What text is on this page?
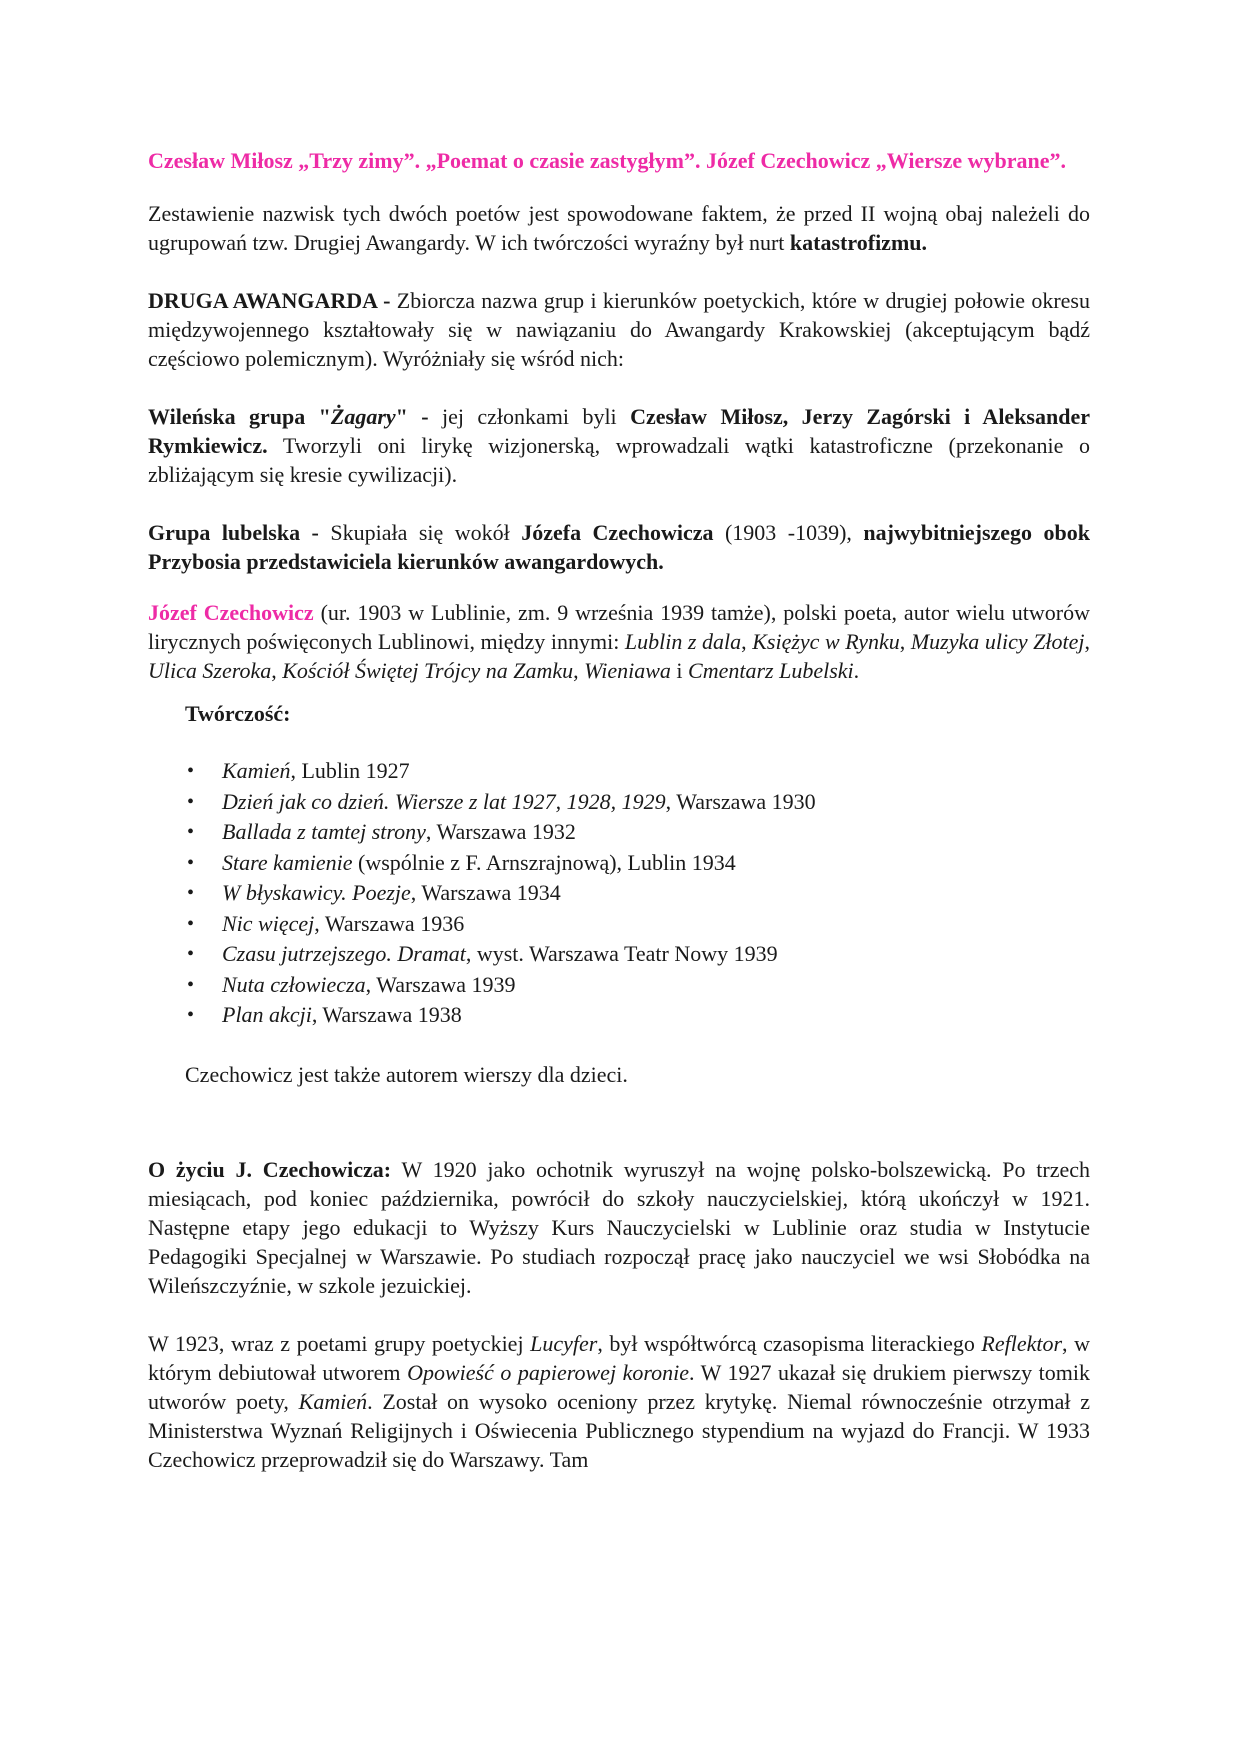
Czesław Miłosz „Trzy zimy”. „Poemat o czasie zastygłym”. Józef Czechowicz „Wiersze wybrane”.

Zestawienie nazwisk tych dwóch poetów jest spowodowane faktem, że przed II wojną obaj należeli do ugrupowań tzw. Drugiej Awangardy. W ich twórczości wyraźny był nurt katastrofizmu.

DRUGA AWANGARDA - Zbiorcza nazwa grup i kierunków poetyckich, które w drugiej połowie okresu międzywojennego kształtowały się w nawiązaniu do Awangardy Krakowskiej (akceptującym bądź częściowo polemicznym). Wyróżniały się wśród nich:

Wileńska grupa "Żagary" - jej członkami byli Czesław Miłosz, Jerzy Zagórski i Aleksander Rymkiewicz. Tworzyli oni lirykę wizjonerską, wprowadzali wątki katastroficzne (przekonanie o zbliżającym się kresie cywilizacji).

Grupa lubelska - Skupiała się wokół Józefa Czechowicza (1903 -1039), najwybitniejszego obok Przybosia przedstawiciela kierunków awangardowych.

Józef Czechowicz (ur. 1903 w Lublinie, zm. 9 września 1939 tamże), polski poeta, autor wielu utworów lirycznych poświęconych Lublinowi, między innymi: Lublin z dala, Księżyc w Rynku, Muzyka ulicy Złotej, Ulica Szeroka, Kościół Świętej Trójcy na Zamku, Wieniawa i Cmentarz Lubelski.

Twórczość:

• Kamień, Lublin 1927
• Dzień jak co dzień. Wiersze z lat 1927, 1928, 1929, Warszawa 1930
• Ballada z tamtej strony, Warszawa 1932
• Stare kamienie (wspólnie z F. Arnszrajnową), Lublin 1934
• W błyskawicy. Poezje, Warszawa 1934
• Nic więcej, Warszawa 1936
• Czasu jutrzejszego. Dramat, wyst. Warszawa Teatr Nowy 1939
• Nuta człowiecza, Warszawa 1939
• Plan akcji, Warszawa 1938

Czechowicz jest także autorem wierszy dla dzieci.

O życiu J. Czechowicza: W 1920 jako ochotnik wyruszył na wojnę polsko-bolszewicką. Po trzech miesiącach, pod koniec października, powrócił do szkoły nauczycielskiej, którą ukończył w 1921. Następne etapy jego edukacji to Wyższy Kurs Nauczycielski w Lublinie oraz studia w Instytucie Pedagogiki Specjalnej w Warszawie. Po studiach rozpoczął pracę jako nauczyciel we wsi Słobódka na Wileńszczyźnie, w szkole jezuickiej.

W 1923, wraz z poetami grupy poetyckiej Lucyfer, był współtwórcą czasopisma literackiego Reflektor, w którym debiutował utworem Opowieść o papierowej koronie. W 1927 ukazał się drukiem pierwszy tomik utworów poety, Kamień. Został on wysoko oceniony przez krytykę. Niemal równocześnie otrzymał z Ministerstwa Wyznań Religijnych i Oświecenia Publicznego stypendium na wyjazd do Francji. W 1933 Czechowicz przeprowadził się do Warszawy. Tam
